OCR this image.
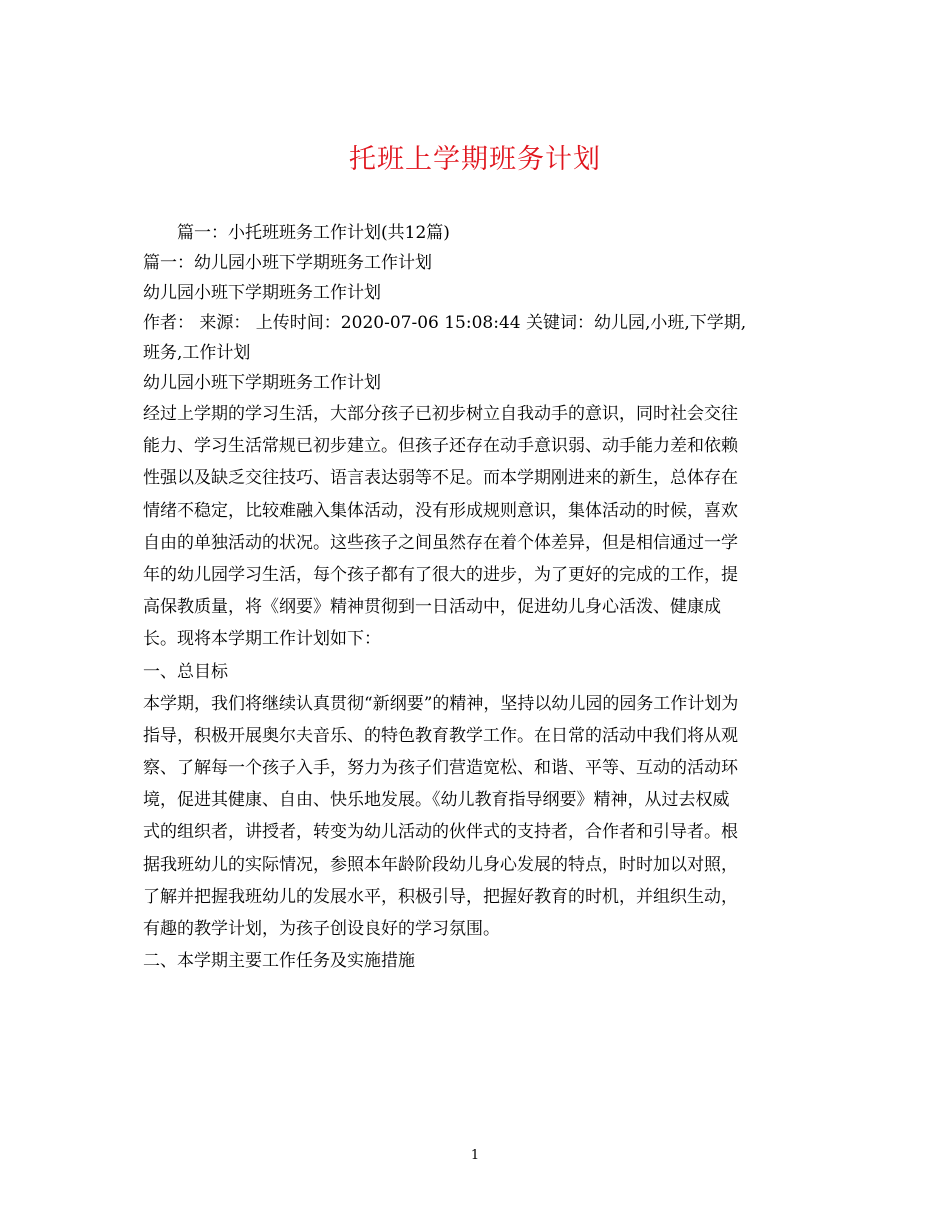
托班上学期班务计划
篇一：小托班班务工作计划(共12篇)
篇一：幼儿园小班下学期班务工作计划
幼儿园小班下学期班务工作计划
作者： 来源： 上传时间：2020-07-06 15:08:44 关键词：幼儿园,小班,下学期,
班务,工作计划
幼儿园小班下学期班务工作计划
经过上学期的学习生活，大部分孩子已初步树立自我动手的意识，同时社会交往
能力、学习生活常规已初步建立。但孩子还存在动手意识弱、动手能力差和依赖
性强以及缺乏交往技巧、语言表达弱等不足。而本学期刚进来的新生，总体存在
情绪不稳定，比较难融入集体活动，没有形成规则意识，集体活动的时候，喜欢
自由的单独活动的状况。这些孩子之间虽然存在着个体差异，但是相信通过一学
年的幼儿园学习生活，每个孩子都有了很大的进步，为了更好的完成的工作，提
高保教质量，将《纲要》精神贯彻到一日活动中，促进幼儿身心活泼、健康成
长。现将本学期工作计划如下：
一、总目标
本学期，我们将继续认真贯彻“新纲要”的精神，坚持以幼儿园的园务工作计划为
指导，积极开展奥尔夫音乐、的特色教育教学工作。在日常的活动中我们将从观
察、了解每一个孩子入手，努力为孩子们营造宽松、和谐、平等、互动的活动环
境，促进其健康、自由、快乐地发展。《幼儿教育指导纲要》精神，从过去权威
式的组织者，讲授者，转变为幼儿活动的伙伴式的支持者，合作者和引导者。根
据我班幼儿的实际情况，参照本年龄阶段幼儿身心发展的特点，时时加以对照，
了解并把握我班幼儿的发展水平，积极引导，把握好教育的时机，并组织生动，
有趣的教学计划，为孩子创设良好的学习氛围。
二、本学期主要工作任务及实施措施
1
